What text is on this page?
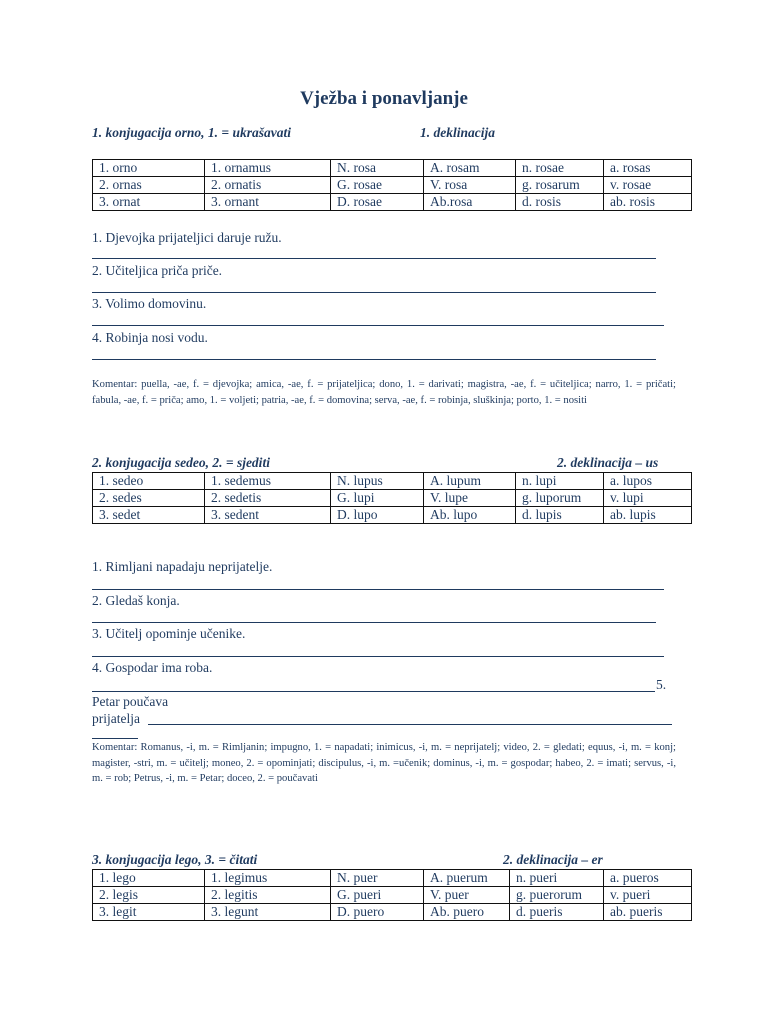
Vježba i ponavljanje
1. konjugacija orno, 1. = ukrašavati	1. deklinacija
1. orno	1. ornamus	N. rosa	A. rosam	n. rosae	a. rosas
2. ornas	2. ornatis	G. rosae	V. rosa	g. rosarum	v. rosae
3. ornat	3. ornant	D. rosae	Ab.rosa	d. rosis	ab. rosis
1. Djevojka prijateljici daruje ružu.
2. Učiteljica priča priče.
3. Volimo domovinu.
4. Robinja nosi vodu.
Komentar: puella, -ae, f. = djevojka; amica, -ae, f. = prijateljica; dono, 1. = darivati; magistra, -ae, f. = učiteljica; narro, 1. = pričati; fabula, -ae, f. = priča; amo, 1. = voljeti; patria, -ae, f. = domovina; serva, -ae, f. = robinja, sluškinja; porto, 1. = nositi
2. konjugacija sedeo, 2. = sjediti	2. deklinacija – us
1. sedeo	1. sedemus	N. lupus	A. lupum	n. lupi	a. lupos
2. sedes	2. sedetis	G. lupi	V. lupe	g. luporum	v. lupi
3. sedet	3. sedent	D. lupo	Ab. lupo	d. lupis	ab. lupis
1. Rimljani napadaju neprijatelje.
2. Gledaš konja.
3. Učitelj opominje učenike.
4. Gospodar ima roba.
5.
Petar poučava
prijatelja
Komentar: Romanus, -i, m. = Rimljanin; impugno, 1. = napadati; inimicus, -i, m. = neprijatelj; video, 2. = gledati; equus, -i, m. = konj; magister, -stri, m. = učitelj; moneo, 2. = opominjati; discipulus, -i, m. =učenik; dominus, -i, m. = gospodar; habeo, 2. = imati; servus, -i, m. = rob; Petrus, -i, m. = Petar; doceo, 2. = poučavati
3. konjugacija lego, 3. = čitati	2. deklinacija – er
1. lego	1. legimus	N. puer	A. puerum	n. pueri	a. pueros
2. legis	2. legitis	G. pueri	V. puer	g. puerorum	v. pueri
3. legit	3. legunt	D. puero	Ab. puero	d. pueris	ab. pueris
